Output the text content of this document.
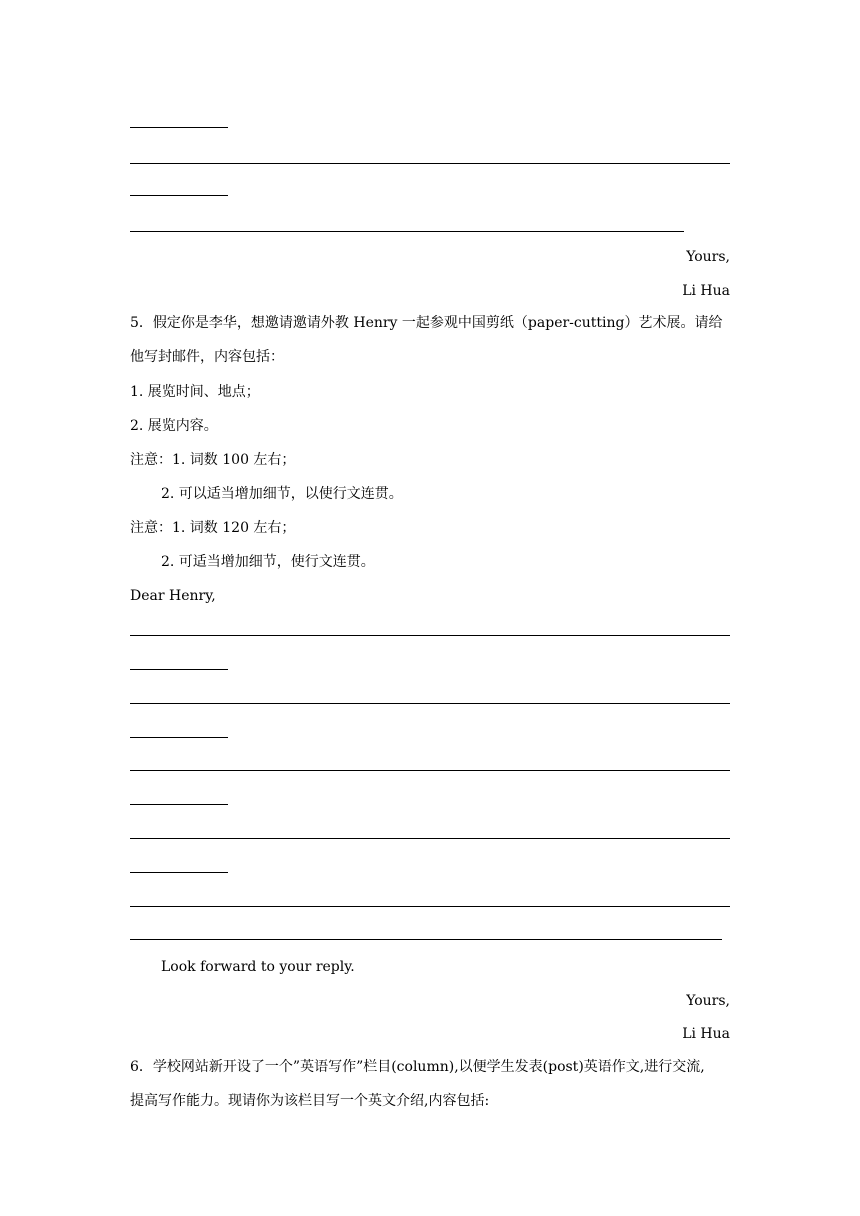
Yours,
Li Hua
5．假定你是李华，想邀请邀请外教 Henry 一起参观中国剪纸（paper-cutting）艺术展。请给
他写封邮件，内容包括：
1. 展览时间、地点；
2. 展览内容。
注意：1. 词数 100 左右；
2. 可以适当增加细节，以使行文连贯。
注意：1. 词数 120 左右；
2. 可适当增加细节，使行文连贯。
Dear Henry,
Look forward to your reply.
Yours,
Li Hua
6．学校网站新开设了一个”英语写作”栏目(column),以便学生发表(post)英语作文,进行交流,
提高写作能力。现请你为该栏目写一个英文介绍,内容包括:
